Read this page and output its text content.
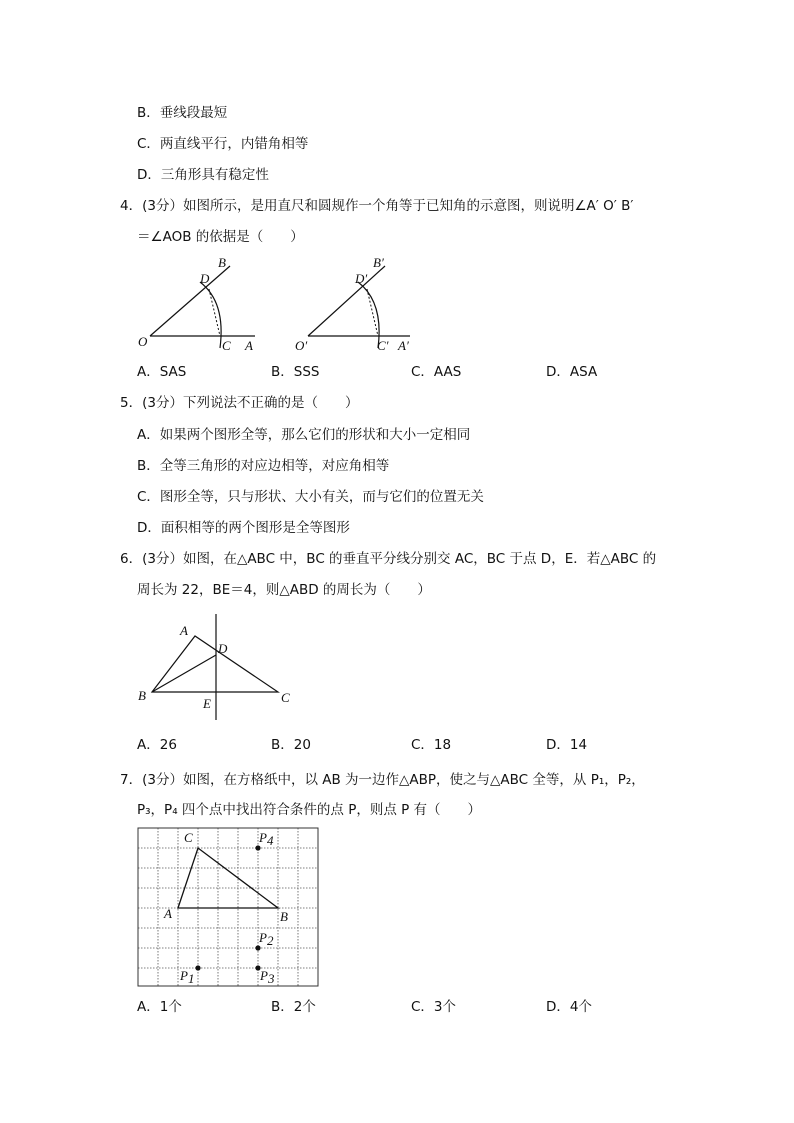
B．垂线段最短
C．两直线平行，内错角相等
D．三角形具有稳定性
4．(3分）如图所示，是用直尺和圆规作一个角等于已知角的示意图，则说明∠A′ O′ B′
＝∠AOB 的依据是（　　）
B
D
O	C A
B′
D′
O′	C′ A′
A．SAS	B．SSS	C．AAS	D．ASA
5．(3分）下列说法不正确的是（　　）
A．如果两个图形全等，那么它们的形状和大小一定相同
B．全等三角形的对应边相等，对应角相等
C．图形全等，只与形状、大小有关，而与它们的位置无关
D．面积相等的两个图形是全等图形
6．(3分）如图，在△ABC 中，BC 的垂直平分线分别交 AC，BC 于点 D，E．若△ABC 的
周长为 22，BE＝4，则△ABD 的周长为（　　）
A
D
B	C
E
A．26	B．20	C．18	D．14
7．(3分）如图，在方格纸中，以 AB 为一边作△ABP，使之与△ABC 全等，从 P₁，P₂，
P₃，P₄ 四个点中找出符合条件的点 P，则点 P 有（　　）
C
A	B
P4
P2
P3
P1
A．1个	B．2个	C．3个	D．4个
